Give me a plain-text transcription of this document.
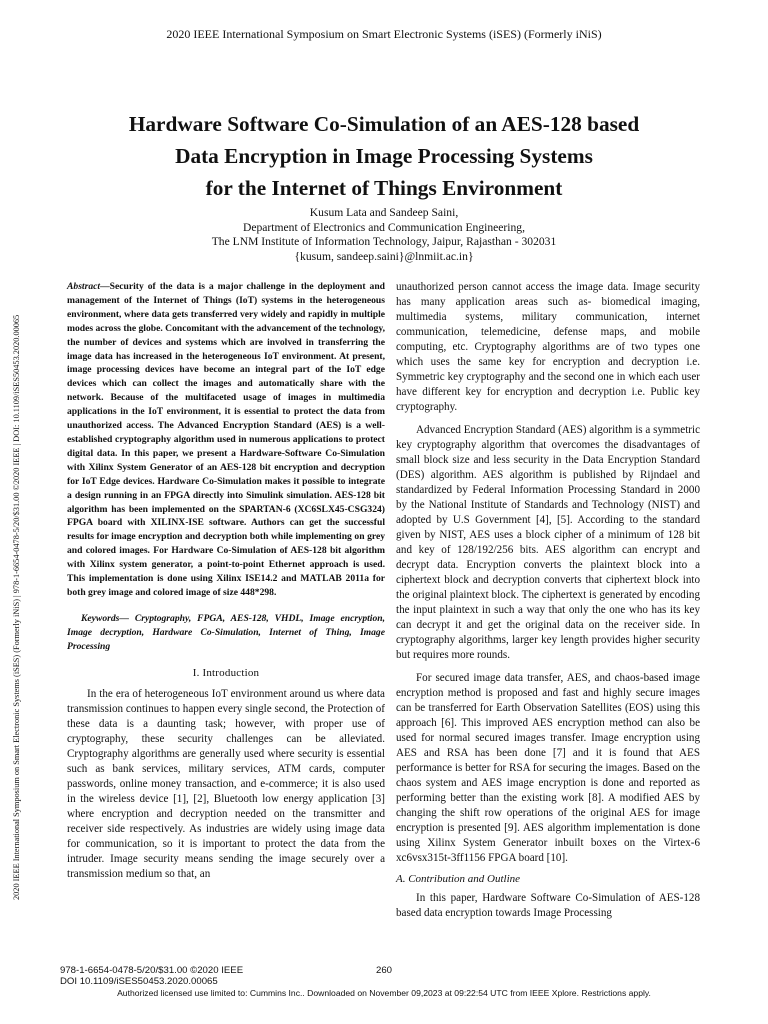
2020 IEEE International Symposium on Smart Electronic Systems (iSES) (Formerly iNiS)
2020 IEEE International Symposium on Smart Electronic Systems (iSES) (Formerly iNiS) | 978-1-6654-0478-5/20/$31.00 ©2020 IEEE | DOI: 10.1109/iSES50453.2020.00065
Hardware Software Co-Simulation of an AES-128 based
Data Encryption in Image Processing Systems
for the Internet of Things Environment
Kusum Lata and Sandeep Saini,
Department of Electronics and Communication Engineering,
The LNM Institute of Information Technology, Jaipur, Rajasthan - 302031
{kusum, sandeep.saini}@lnmiit.ac.in}

Abstract—Security of the data is a major challenge in the deployment and management of the Internet of Things (IoT) systems in the heterogeneous environment, where data gets transferred very widely and rapidly in multiple modes across the globe. Concomitant with the advancement of the technology, the number of devices and systems which are involved in transferring the image data has increased in the heterogeneous IoT environment. At present, image processing devices have become an integral part of the IoT edge devices which can collect the images and automatically share with the network. Because of the multifaceted usage of images in multimedia applications in the IoT environment, it is essential to protect the data from unauthorized access. The Advanced Encryption Standard (AES) is a well-established cryptography algorithm used in numerous applications to protect digital data. In this paper, we present a Hardware-Software Co-Simulation with Xilinx System Generator of an AES-128 bit encryption and decryption for IoT Edge devices. Hardware Co-Simulation makes it possible to integrate a design running in an FPGA directly into Simulink simulation. AES-128 bit algorithm has been implemented on the SPARTAN-6 (XC6SLX45-CSG324) FPGA board with XILINX-ISE software. Authors can get the successful results for image encryption and decryption both while implementing on grey and colored images. For Hardware Co-Simulation of AES-128 bit algorithm with Xilinx system generator, a point-to-point Ethernet approach is used. This implementation is done using Xilinx ISE14.2 and MATLAB 2011a for both grey image and colored image of size 448*298.

Keywords— Cryptography, FPGA, AES-128, VHDL, Image encryption, Image decryption, Hardware Co-Simulation, Internet of Thing, Image Processing

I. Introduction

In the era of heterogeneous IoT environment around us where data transmission continues to happen every single second, the Protection of these data is a daunting task; however, with proper use of cryptography, these security challenges can be alleviated. Cryptography algorithms are generally used where security is essential such as bank services, military services, ATM cards, computer passwords, online money transaction, and e-commerce; it is also used in the wireless device [1], [2], Bluetooth low energy application [3] where encryption and decryption needed on the transmitter and receiver side respectively. As industries are widely using image data for communication, so it is important to protect the data from the intruder. Image security means sending the image securely over a transmission medium so that, an

unauthorized person cannot access the image data. Image security has many application areas such as- biomedical imaging, multimedia systems, military communication, internet communication, telemedicine, defense maps, and mobile computing, etc. Cryptography algorithms are of two types one which uses the same key for encryption and decryption i.e. Symmetric key cryptography and the second one in which each user have different key for encryption and decryption i.e. Public key cryptography.

Advanced Encryption Standard (AES) algorithm is a symmetric key cryptography algorithm that overcomes the disadvantages of small block size and less security in the Data Encryption Standard (DES) algorithm. AES algorithm is published by Rijndael and standardized by Federal Information Processing Standard in 2000 by the National Institute of Standards and Technology (NIST) and adopted by U.S Government [4], [5]. According to the standard given by NIST, AES uses a block cipher of a minimum of 128 bit and key of 128/192/256 bits. AES algorithm can encrypt and decrypt data. Encryption converts the plaintext block into a ciphertext block and decryption converts that ciphertext block into the original plaintext block. The ciphertext is generated by encoding the input plaintext in such a way that only the one who has its key can decrypt it and get the original data on the receiver side. In cryptography algorithms, larger key length provides higher security but requires more rounds.

For secured image data transfer, AES, and chaos-based image encryption method is proposed and fast and highly secure images can be transferred for Earth Observation Satellites (EOS) using this approach [6]. This improved AES encryption method can also be used for normal secured images transfer. Image encryption using AES and RSA has been done [7] and it is found that AES performance is better for RSA for securing the images. Based on the chaos system and AES image encryption is done and reported as performing better than the existing work [8]. A modified AES by changing the shift row operations of the original AES for image encryption is presented [9]. AES algorithm implementation is done using Xilinx System Generator inbuilt boxes on the Virtex-6 xc6vsx315t-3ff1156 FPGA board [10].

A. Contribution and Outline

In this paper, Hardware Software Co-Simulation of AES-128 based data encryption towards Image Processing

978-1-6654-0478-5/20/$31.00 ©2020 IEEE
DOI 10.1109/iSES50453.2020.00065
260
Authorized licensed use limited to: Cummins Inc.. Downloaded on November 09,2023 at 09:22:54 UTC from IEEE Xplore. Restrictions apply.
